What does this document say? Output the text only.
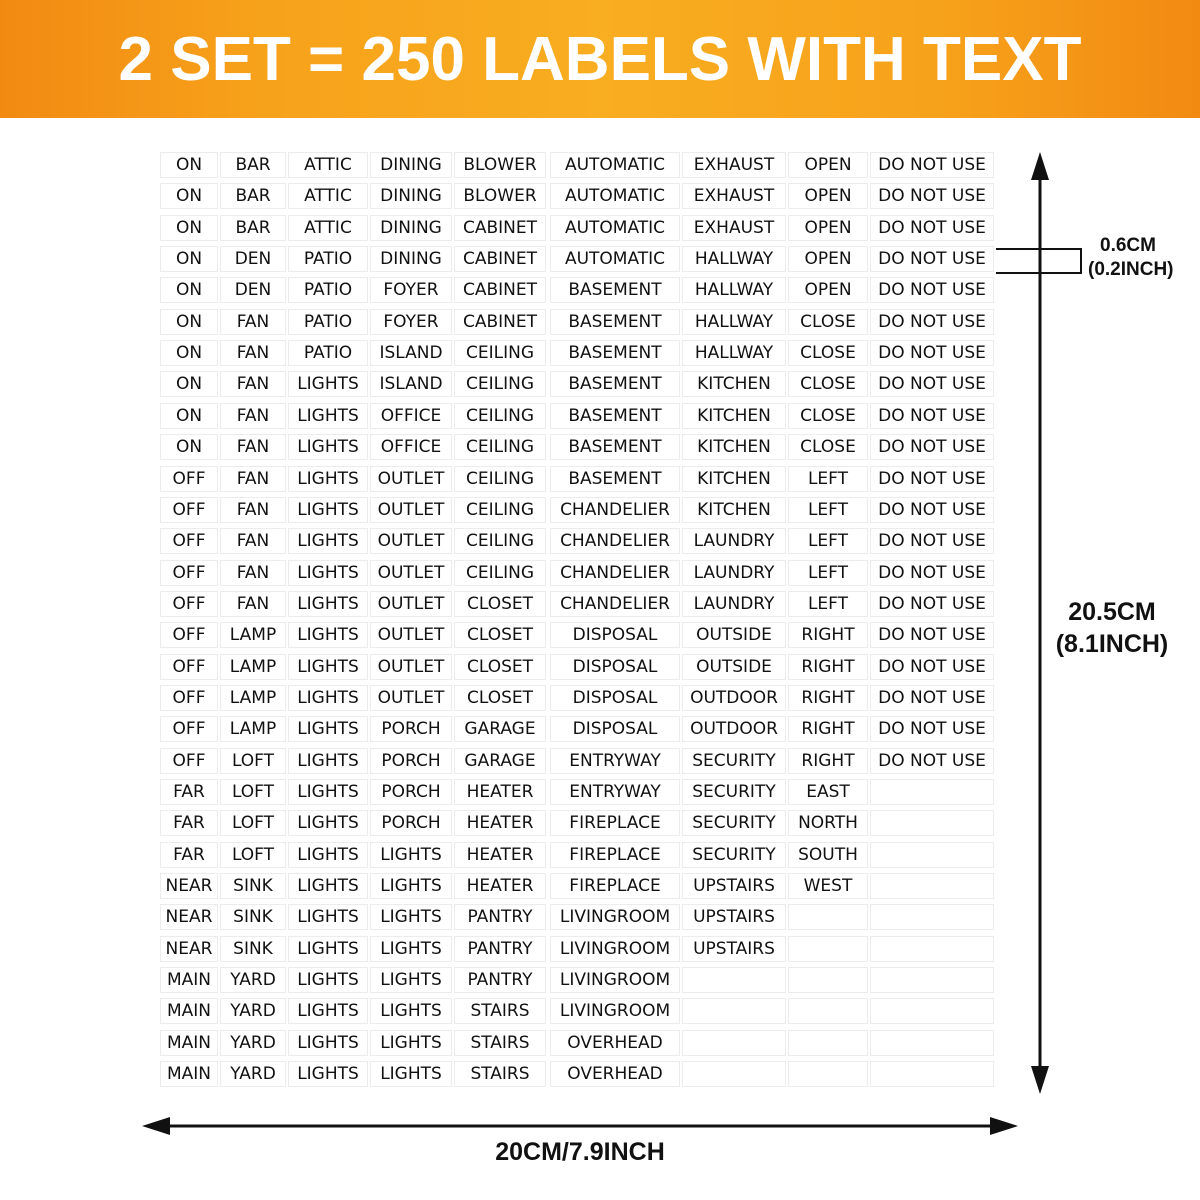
2 SET = 250 LABELS WITH TEXT
ON
ON
ON
ON
ON
ON
ON
ON
ON
ON
OFF
OFF
OFF
OFF
OFF
OFF
OFF
OFF
OFF
OFF
FAR
FAR
FAR
NEAR
NEAR
NEAR
MAIN
MAIN
MAIN
MAIN
BAR
BAR
BAR
DEN
DEN
FAN
FAN
FAN
FAN
FAN
FAN
FAN
FAN
FAN
FAN
LAMP
LAMP
LAMP
LAMP
LOFT
LOFT
LOFT
LOFT
SINK
SINK
SINK
YARD
YARD
YARD
YARD
ATTIC
ATTIC
ATTIC
PATIO
PATIO
PATIO
PATIO
LIGHTS
LIGHTS
LIGHTS
LIGHTS
LIGHTS
LIGHTS
LIGHTS
LIGHTS
LIGHTS
LIGHTS
LIGHTS
LIGHTS
LIGHTS
LIGHTS
LIGHTS
LIGHTS
LIGHTS
LIGHTS
LIGHTS
LIGHTS
LIGHTS
LIGHTS
LIGHTS
DINING
DINING
DINING
DINING
FOYER
FOYER
ISLAND
ISLAND
OFFICE
OFFICE
OUTLET
OUTLET
OUTLET
OUTLET
OUTLET
OUTLET
OUTLET
OUTLET
PORCH
PORCH
PORCH
PORCH
LIGHTS
LIGHTS
LIGHTS
LIGHTS
LIGHTS
LIGHTS
LIGHTS
LIGHTS
BLOWER
BLOWER
CABINET
CABINET
CABINET
CABINET
CEILING
CEILING
CEILING
CEILING
CEILING
CEILING
CEILING
CEILING
CLOSET
CLOSET
CLOSET
CLOSET
GARAGE
GARAGE
HEATER
HEATER
HEATER
HEATER
PANTRY
PANTRY
PANTRY
STAIRS
STAIRS
STAIRS
AUTOMATIC
AUTOMATIC
AUTOMATIC
AUTOMATIC
BASEMENT
BASEMENT
BASEMENT
BASEMENT
BASEMENT
BASEMENT
BASEMENT
CHANDELIER
CHANDELIER
CHANDELIER
CHANDELIER
DISPOSAL
DISPOSAL
DISPOSAL
DISPOSAL
ENTRYWAY
ENTRYWAY
FIREPLACE
FIREPLACE
FIREPLACE
LIVINGROOM
LIVINGROOM
LIVINGROOM
LIVINGROOM
OVERHEAD
OVERHEAD
EXHAUST
EXHAUST
EXHAUST
HALLWAY
HALLWAY
HALLWAY
HALLWAY
KITCHEN
KITCHEN
KITCHEN
KITCHEN
KITCHEN
LAUNDRY
LAUNDRY
LAUNDRY
OUTSIDE
OUTSIDE
OUTDOOR
OUTDOOR
SECURITY
SECURITY
SECURITY
SECURITY
UPSTAIRS
UPSTAIRS
UPSTAIRS
OPEN
OPEN
OPEN
OPEN
OPEN
CLOSE
CLOSE
CLOSE
CLOSE
CLOSE
LEFT
LEFT
LEFT
LEFT
LEFT
RIGHT
RIGHT
RIGHT
RIGHT
RIGHT
EAST
NORTH
SOUTH
WEST
DO NOT USE
DO NOT USE
DO NOT USE
DO NOT USE
DO NOT USE
DO NOT USE
DO NOT USE
DO NOT USE
DO NOT USE
DO NOT USE
DO NOT USE
DO NOT USE
DO NOT USE
DO NOT USE
DO NOT USE
DO NOT USE
DO NOT USE
DO NOT USE
DO NOT USE
DO NOT USE
0.6CM
(0.2INCH)
20.5CM
(8.1INCH)
20CM/7.9INCH
